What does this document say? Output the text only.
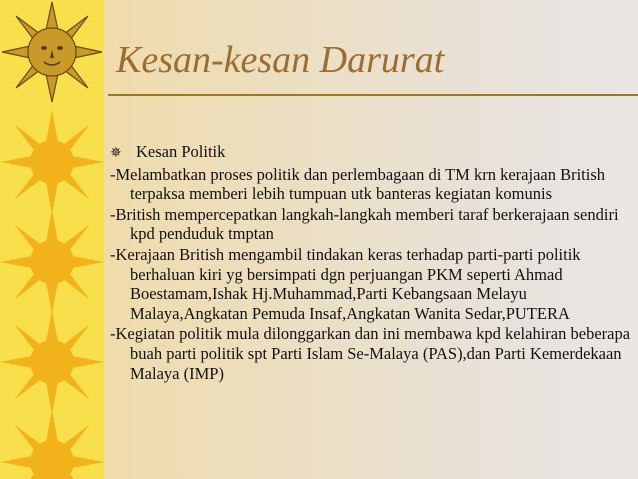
Kesan-kesan Darurat
✵ Kesan Politik

-Melambatkan proses politik dan perlembagaan di TM krn kerajaan British terpaksa memberi lebih tumpuan utk banteras kegiatan komunis

-British mempercepatkan langkah-langkah memberi taraf berkerajaan sendiri kpd penduduk tmptan

-Kerajaan British mengambil tindakan keras terhadap parti-parti politik berhaluan kiri yg bersimpati dgn perjuangan PKM seperti Ahmad Boestamam,Ishak Hj.Muhammad,Parti Kebangsaan Melayu Malaya,Angkatan Pemuda Insaf,Angkatan Wanita Sedar,PUTERA

-Kegiatan politik mula dilonggarkan dan ini membawa kpd kelahiran beberapa buah parti politik spt Parti Islam Se-Malaya (PAS),dan Parti Kemerdekaan Malaya (IMP)
